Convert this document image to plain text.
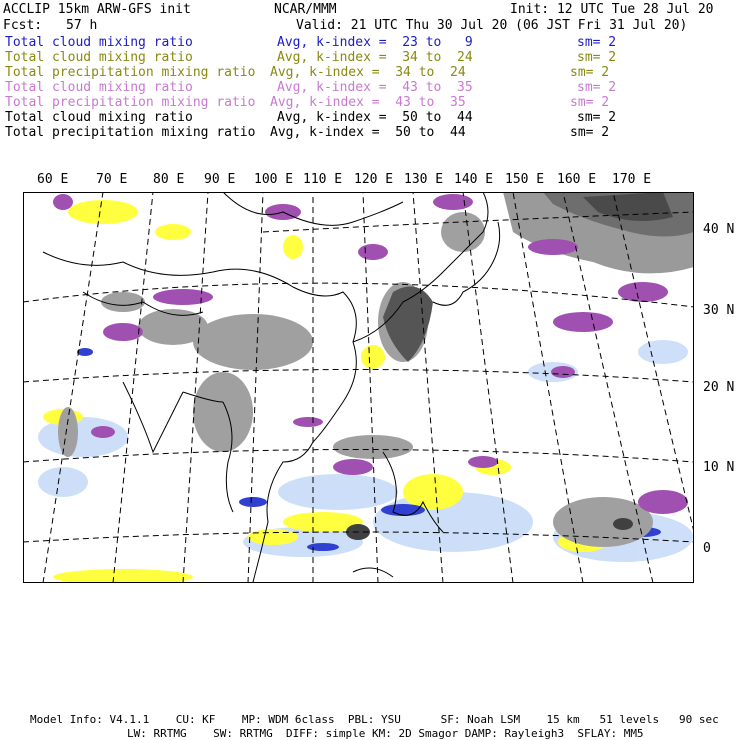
ACCLIP 15km ARW-GFS init	NCAR/MMM	Init: 12 UTC Tue 28 Jul 20
Fcst: 57 h	Valid: 21 UTC Thu 30 Jul 20 (06 JST Fri 31 Jul 20)
Total cloud mixing ratio	Avg, k-index =  23 to   9	sm= 2
Total cloud mixing ratio	Avg, k-index =  34 to  24	sm= 2
Total precipitation mixing ratio Avg, k-index =  34 to  24	sm= 2
Total cloud mixing ratio	Avg, k-index =  43 to  35	sm= 2
Total precipitation mixing ratio Avg, k-index =  43 to  35	sm= 2
Total cloud mixing ratio	Avg, k-index =  50 to  44	sm= 2
Total precipitation mixing ratio Avg, k-index =  50 to  44	sm= 2
60 E 70 E 80 E 90 E 100 E 110 E 120 E 130 E 140 E 150 E 160 E 170 E
40 N
30 N
20 N
10 N
0
Model Info: V4.1.1    CU: KF    MP: WDM 6class  PBL: YSU      SF: Noah LSM    15 km   51 levels   90 sec
LW: RRTMG    SW: RRTMG  DIFF: simple KM: 2D Smagor DAMP: Rayleigh3  SFLAY: MM5
